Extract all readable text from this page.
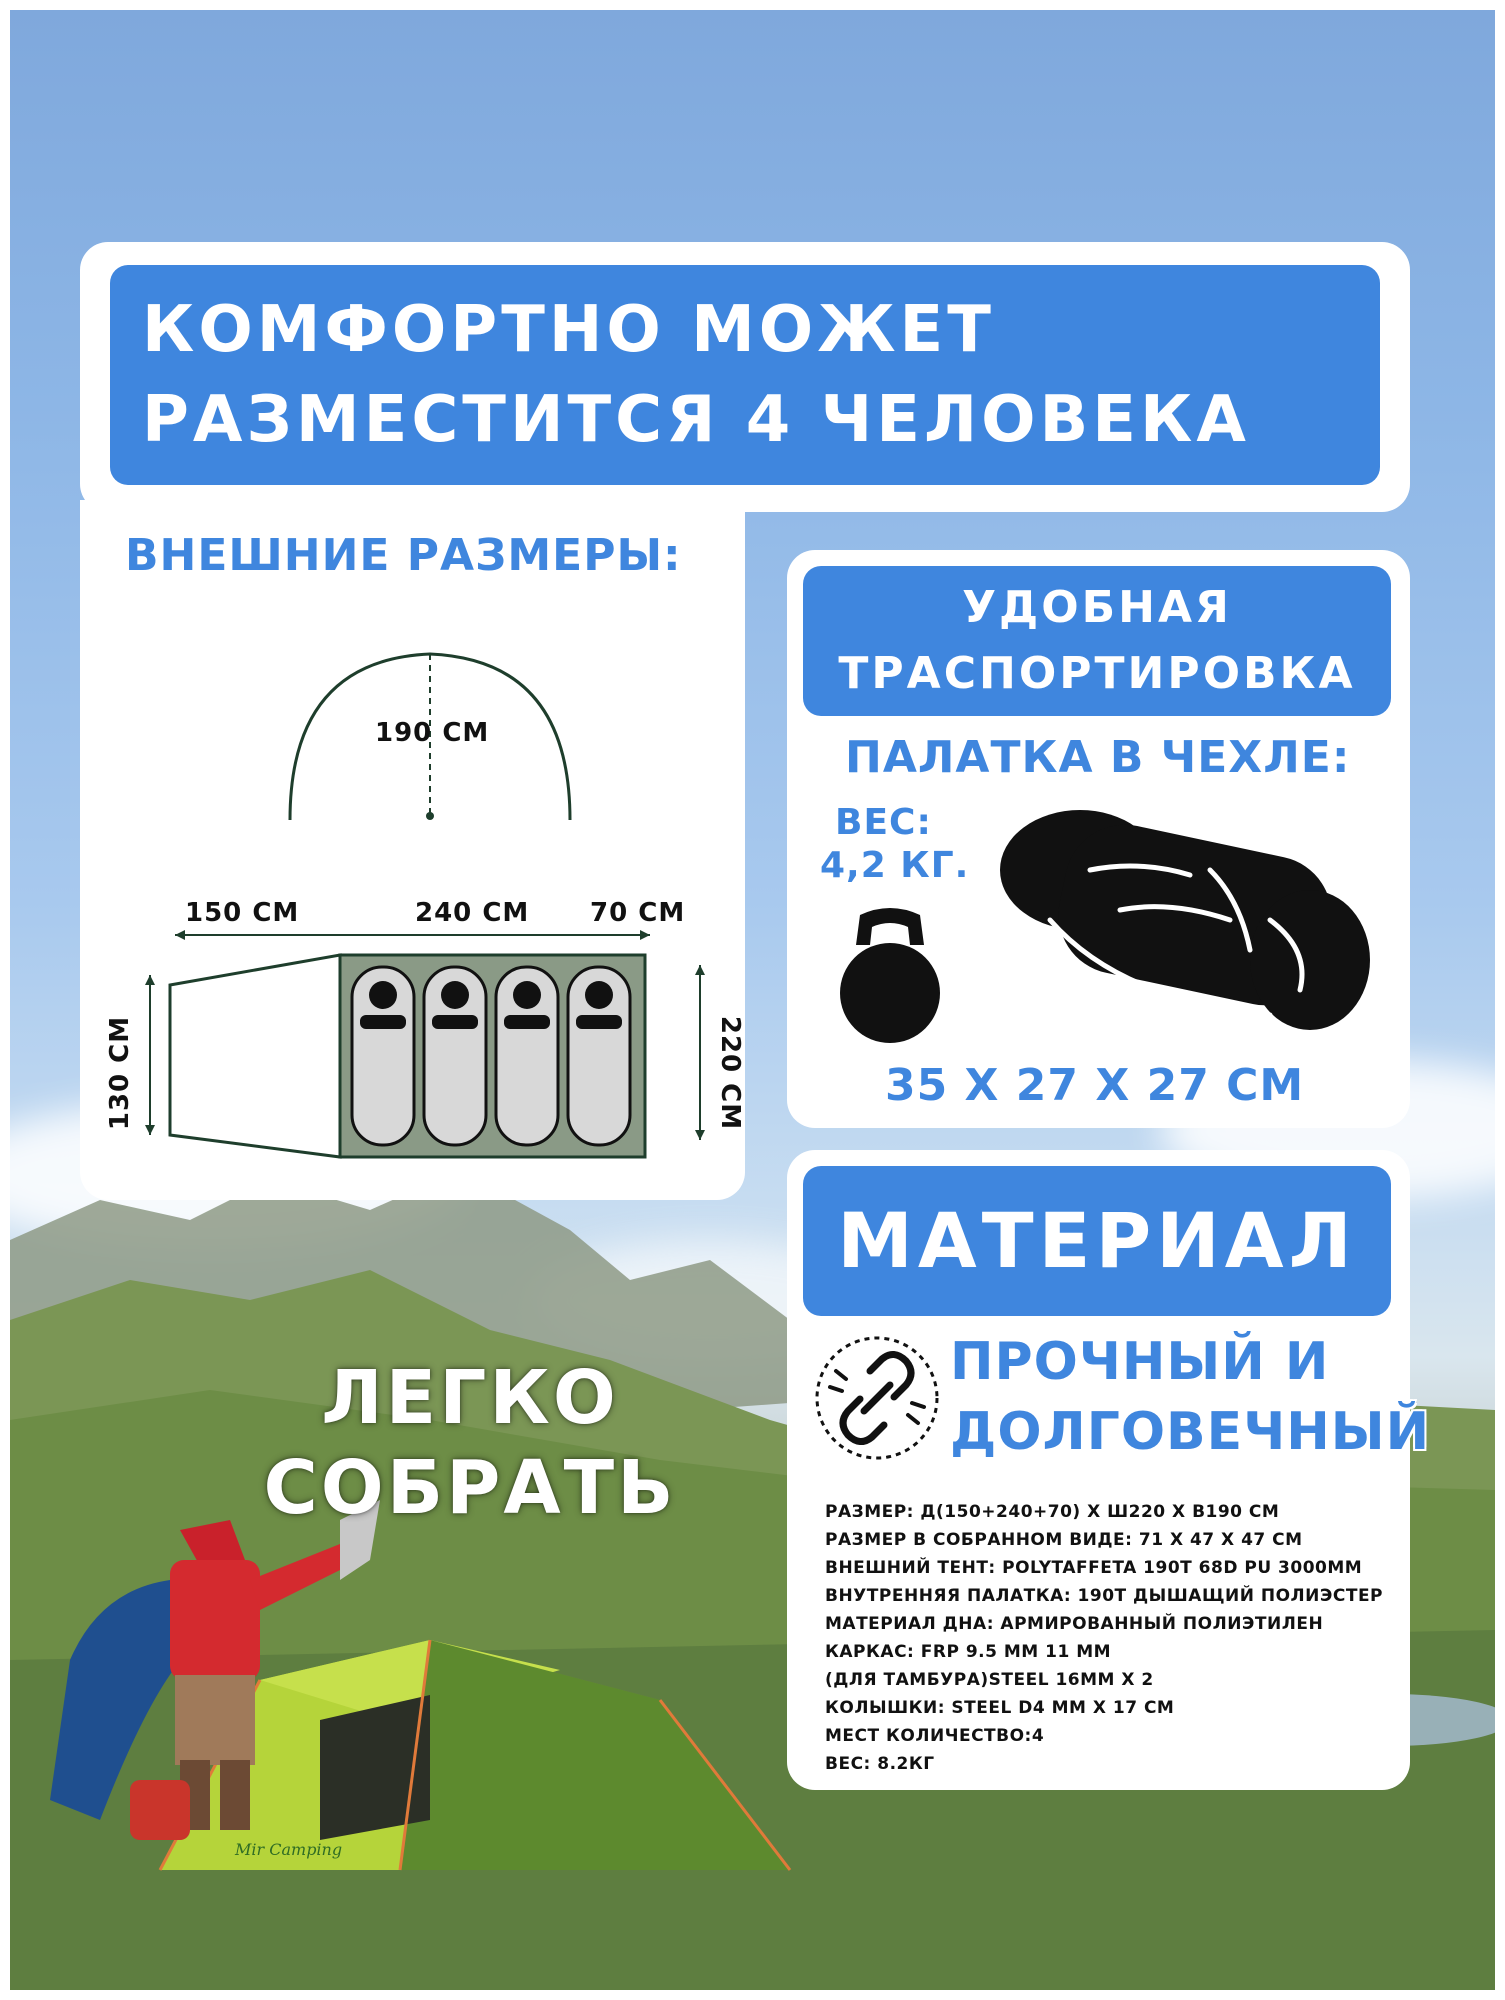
Mir Camping
КОМФОРТНО МОЖЕТ
РАЗМЕСТИТСЯ 4 ЧЕЛОВЕКА
ВНЕШНИЕ РАЗМЕРЫ:
190 СМ
150 СМ	240 СМ 70 СМ
130 СМ	220 СМ
УДОБНАЯ
ТРАСПОРТИРОВКА
ПАЛАТКА В ЧЕХЛЕ:
ВЕС:
4,2 КГ.
35 Х 27 Х 27 СМ
МАТЕРИАЛ
ПРОЧНЫЙ И
ДОЛГОВЕЧНЫЙ
РАЗМЕР: Д(150+240+70) Х Ш220 Х В190 СМ
РАЗМЕР В СОБРАННОМ ВИДЕ: 71 Х 47 Х 47 СМ
ВНЕШНИЙ ТЕНТ: POLYTAFFETA 190T 68D PU 3000MM
ВНУТРЕННЯЯ ПАЛАТКА: 190T ДЫШАЩИЙ ПОЛИЭСТЕР
МАТЕРИАЛ ДНА: АРМИРОВАННЫЙ ПОЛИЭТИЛЕН
КАРКАС: FRP 9.5 ММ 11 ММ
(ДЛЯ ТАМБУРА)STEEL 16ММ Х 2
КОЛЫШКИ: STEEL D4 ММ Х 17 СМ
МЕСТ КОЛИЧЕСТВО:4
ВЕС: 8.2КГ
ЛЕГКО
СОБРАТЬ
